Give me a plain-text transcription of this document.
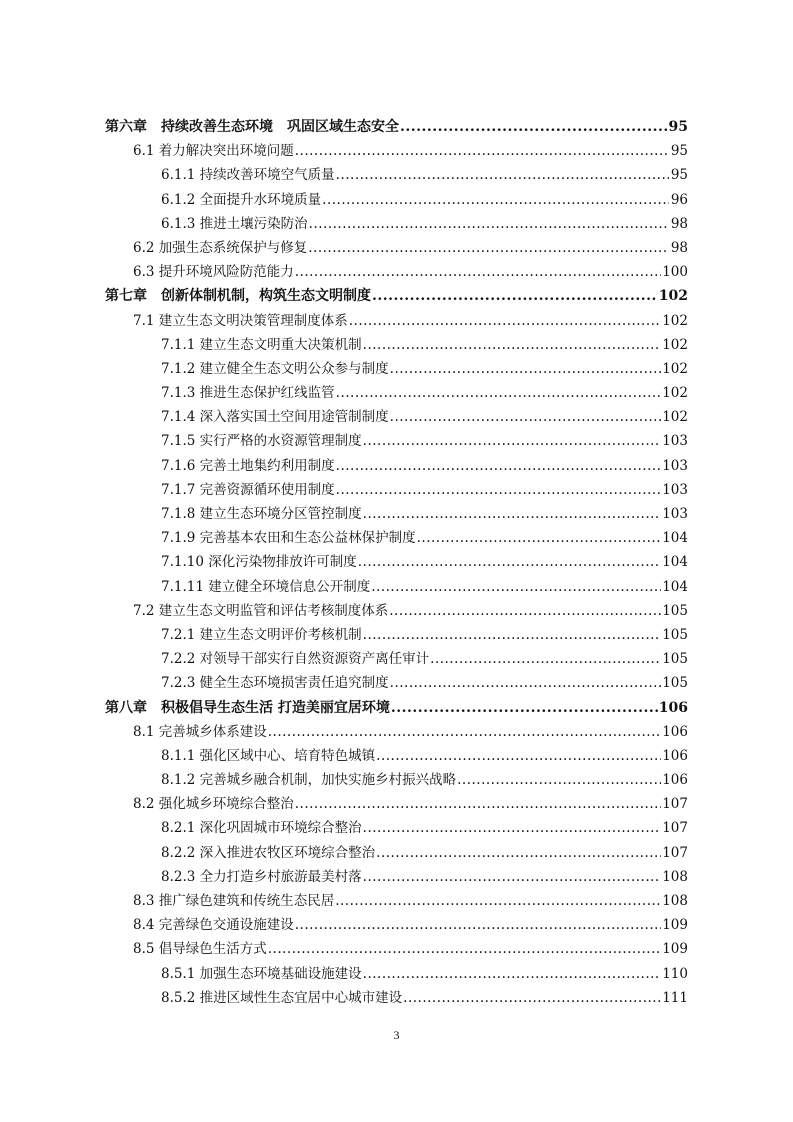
第六章　持续改善生态环境　巩固区域生态安全 .....	95
6.1 着力解决突出环境问题 .....	95
6.1.1 持续改善环境空气质量 .....	95
6.1.2 全面提升水环境质量 .....	96
6.1.3 推进土壤污染防治 .....	98
6.2 加强生态系统保护与修复 .....	98
6.3 提升环境风险防范能力 .....	100
第七章　创新体制机制，构筑生态文明制度 .....	102
7.1 建立生态文明决策管理制度体系 .....	102
7.1.1 建立生态文明重大决策机制 .....	102
7.1.2 建立健全生态文明公众参与制度 .....	102
7.1.3 推进生态保护红线监管 .....	102
7.1.4 深入落实国土空间用途管制制度 .....	102
7.1.5 实行严格的水资源管理制度 .....	103
7.1.6 完善土地集约利用制度 .....	103
7.1.7 完善资源循环使用制度 .....	103
7.1.8 建立生态环境分区管控制度 .....	103
7.1.9 完善基本农田和生态公益林保护制度 .....	104
7.1.10 深化污染物排放许可制度 .....	104
7.1.11 建立健全环境信息公开制度 .....	104
7.2 建立生态文明监管和评估考核制度体系 .....	105
7.2.1 建立生态文明评价考核机制 .....	105
7.2.2 对领导干部实行自然资源资产离任审计 .....	105
7.2.3 健全生态环境损害责任追究制度 .....	105
第八章　积极倡导生态生活 打造美丽宜居环境 .....	106
8.1 完善城乡体系建设 .....	106
8.1.1 强化区域中心、培育特色城镇 .....	106
8.1.2 完善城乡融合机制，加快实施乡村振兴战略 .....	106
8.2 强化城乡环境综合整治 .....	107
8.2.1 深化巩固城市环境综合整治 .....	107
8.2.2 深入推进农牧区环境综合整治 .....	107
8.2.3 全力打造乡村旅游最美村落 .....	108
8.3 推广绿色建筑和传统生态民居 .....	108
8.4 完善绿色交通设施建设 .....	109
8.5 倡导绿色生活方式 .....	109
8.5.1 加强生态环境基础设施建设 .....	110
8.5.2 推进区域性生态宜居中心城市建设 .....	111
3
